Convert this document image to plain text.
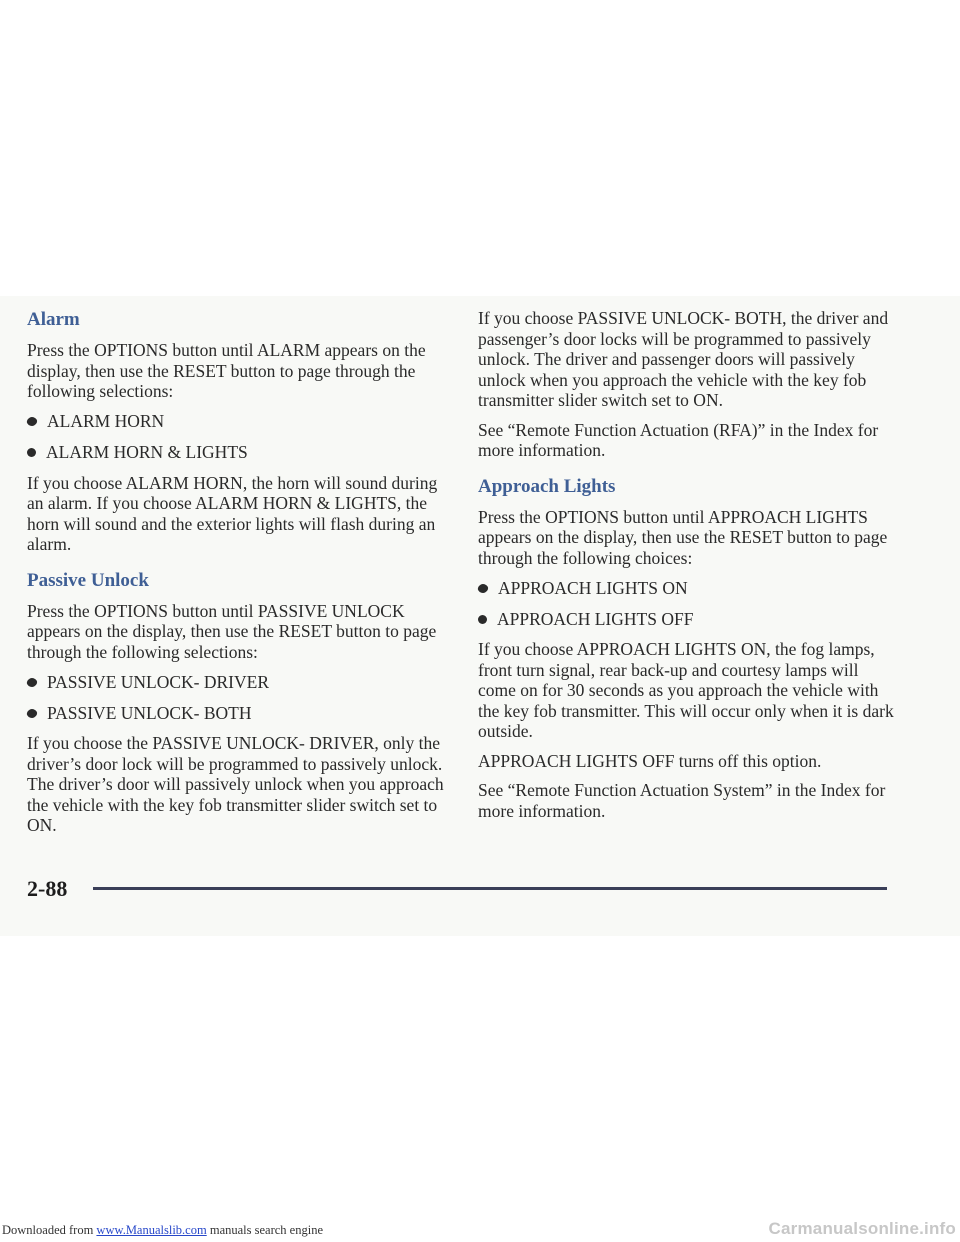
Alarm

Press the OPTIONS button until ALARM appears on the display, then use the RESET button to page through the following selections:

ALARM HORN
ALARM HORN & LIGHTS

If you choose ALARM HORN, the horn will sound during an alarm. If you choose ALARM HORN & LIGHTS, the horn will sound and the exterior lights will flash during an alarm.

Passive Unlock

Press the OPTIONS button until PASSIVE UNLOCK appears on the display, then use the RESET button to page through the following selections:

PASSIVE UNLOCK- DRIVER
PASSIVE UNLOCK- BOTH

If you choose the PASSIVE UNLOCK- DRIVER, only the driver’s door lock will be programmed to passively unlock. The driver’s door will passively unlock when you approach the vehicle with the key fob transmitter slider switch set to ON.

If you choose PASSIVE UNLOCK- BOTH, the driver and passenger’s door locks will be programmed to passively unlock. The driver and passenger doors will passively unlock when you approach the vehicle with the key fob transmitter slider switch set to ON.

See “Remote Function Actuation (RFA)” in the Index for more information.

Approach Lights

Press the OPTIONS button until APPROACH LIGHTS appears on the display, then use the RESET button to page through the following choices:

APPROACH LIGHTS ON
APPROACH LIGHTS OFF

If you choose APPROACH LIGHTS ON, the fog lamps, front turn signal, rear back-up and courtesy lamps will come on for 30 seconds as you approach the vehicle with the key fob transmitter. This will occur only when it is dark outside.

APPROACH LIGHTS OFF turns off this option.

See “Remote Function Actuation System” in the Index for more information.

2-88
Downloaded from www.Manualslib.com manuals search engine	Carmanualsonline.info
